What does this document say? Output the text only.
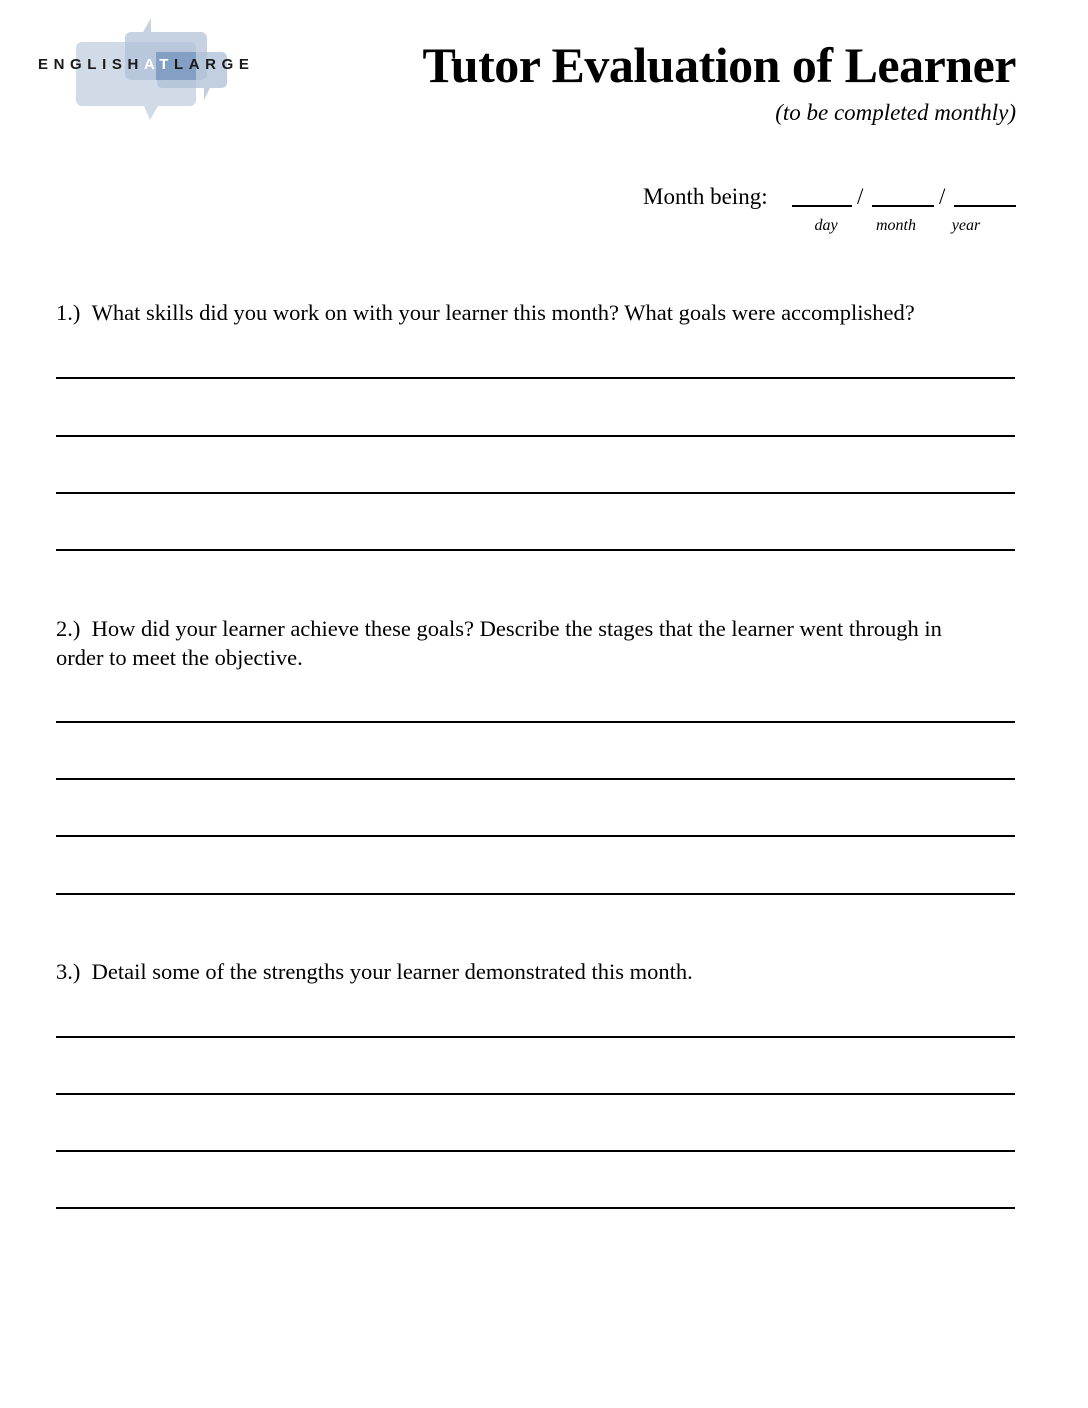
ENGLISHATLARGE	Tutor Evaluation of Learner
(to be completed monthly)
Month being:	/	/
day month year
1.) What skills did you work on with your learner this month? What goals were accomplished?
2.) How did your learner achieve these goals? Describe the stages that the learner went through in order to meet the objective.
3.) Detail some of the strengths your learner demonstrated this month.
